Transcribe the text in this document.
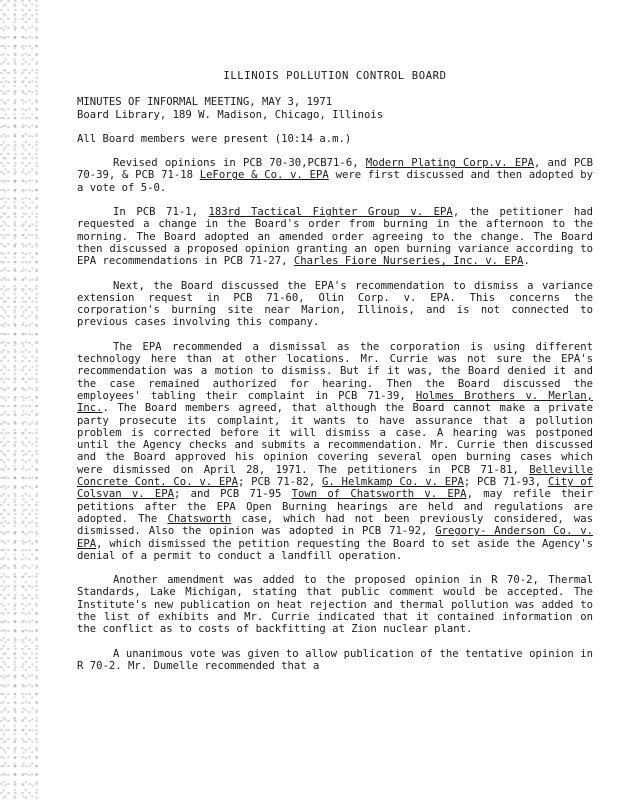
ILLINOIS POLLUTION CONTROL BOARD
MINUTES OF INFORMAL MEETING, MAY 3, 1971
Board Library, 189 W. Madison, Chicago, Illinois
All Board members were present (10:14 a.m.)

Revised opinions in PCB 70-30,PCB71-6, Modern Plating Corp.v. EPA, and PCB 70-39, & PCB 71-18 LeForge & Co. v. EPA were first discussed and then adopted by a vote of 5-0.

In PCB 71-1, 183rd Tactical Fighter Group v. EPA, the petitioner had requested a change in the Board's order from burning in the afternoon to the morning. The Board adopted an amended order agreeing to the change. The Board then discussed a proposed opinion granting an open burning variance according to EPA recommendations in PCB 71-27, Charles Fiore Nurseries, Inc. v. EPA.

Next, the Board discussed the EPA's recommendation to dismiss a variance extension request in PCB 71-60, Olin Corp. v. EPA. This concerns the corporation's burning site near Marion, Illinois, and is not connected to previous cases involving this company.

The EPA recommended a dismissal as the corporation is using different technology here than at other locations. Mr. Currie was not sure the EPA's recommendation was a motion to dismiss. But if it was, the Board denied it and the case remained authorized for hearing. Then the Board discussed the employees' tabling their complaint in PCB 71-39, Holmes Brothers v. Merlan, Inc.. The Board members agreed, that although the Board cannot make a private party prosecute its complaint, it wants to have assurance that a pollution problem is corrected before it will dismiss a case. A hearing was postponed until the Agency checks and submits a recommendation. Mr. Currie then discussed and the Board approved his opinion covering several open burning cases which were dismissed on April 28, 1971. The petitioners in PCB 71-81, Belleville Concrete Cont. Co. v. EPA; PCB 71-82, G. Helmkamp Co. v. EPA; PCB 71-93, City of Colsvan v. EPA; and PCB 71-95 Town of Chatsworth v. EPA, may refile their petitions after the EPA Open Burning hearings are held and regulations are adopted. The Chatsworth case, which had not been previously considered, was dismissed. Also the opinion was adopted in PCB 71-92, Gregory- Anderson Co. v. EPA, which dismissed the petition requesting the Board to set aside the Agency's denial of a permit to conduct a landfill operation.

Another amendment was added to the proposed opinion in R 70-2, Thermal Standards, Lake Michigan, stating that public comment would be accepted. The Institute's new publication on heat rejection and thermal pollution was added to the list of exhibits and Mr. Currie indicated that it contained information on the conflict as to costs of backfitting at Zion nuclear plant.

A unanimous vote was given to allow publication of the tentative opinion in R 70-2. Mr. Dumelle recommended that a
